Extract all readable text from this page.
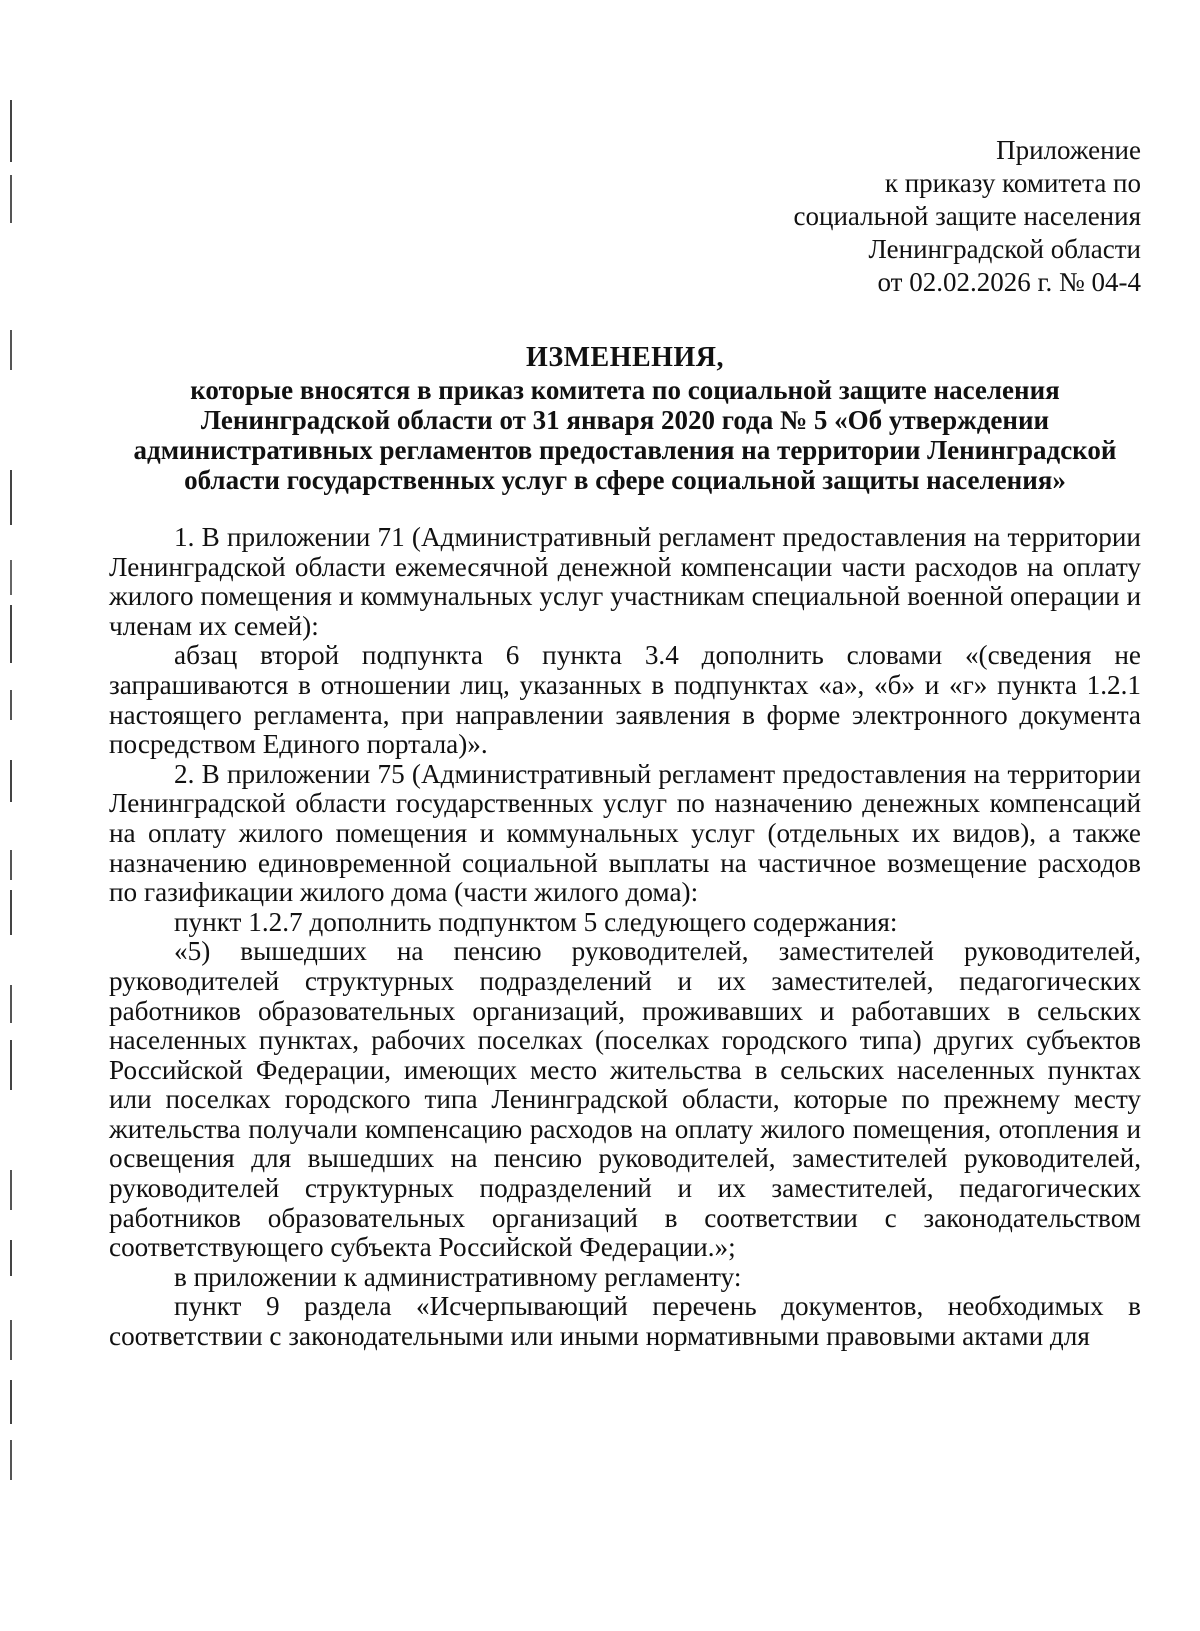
Приложение
к приказу комитета по
социальной защите населения
Ленинградской области
от 02.02.2026 г. № 04-4
ИЗМЕНЕНИЯ,
которые вносятся в приказ комитета по социальной защите населения Ленинградской области от 31 января 2020 года № 5 «Об утверждении административных регламентов предоставления на территории Ленинградской области государственных услуг в сфере социальной защиты населения»

1. В приложении 71 (Административный регламент предоставления на территории Ленинградской области ежемесячной денежной компенсации части расходов на оплату жилого помещения и коммунальных услуг участникам специальной военной операции и членам их семей):

абзац второй подпункта 6 пункта 3.4 дополнить словами «(сведения не запрашиваются в отношении лиц, указанных в подпунктах «а», «б» и «г» пункта 1.2.1 настоящего регламента, при направлении заявления в форме электронного документа посредством Единого портала)».

2. В приложении 75 (Административный регламент предоставления на территории Ленинградской области государственных услуг по назначению денежных компенсаций на оплату жилого помещения и коммунальных услуг (отдельных их видов), а также назначению единовременной социальной выплаты на частичное возмещение расходов по газификации жилого дома (части жилого дома):

пункт 1.2.7 дополнить подпунктом 5 следующего содержания:

«5) вышедших на пенсию руководителей, заместителей руководителей, руководителей структурных подразделений и их заместителей, педагогических работников образовательных организаций, проживавших и работавших в сельских населенных пунктах, рабочих поселках (поселках городского типа) других субъектов Российской Федерации, имеющих место жительства в сельских населенных пунктах или поселках городского типа Ленинградской области, которые по прежнему месту жительства получали компенсацию расходов на оплату жилого помещения, отопления и освещения для вышедших на пенсию руководителей, заместителей руководителей, руководителей структурных подразделений и их заместителей, педагогических работников образовательных организаций в соответствии с законодательством соответствующего субъекта Российской Федерации.»;

в приложении к административному регламенту:

пункт 9 раздела «Исчерпывающий перечень документов, необходимых в соответствии с законодательными или иными нормативными правовыми актами для
